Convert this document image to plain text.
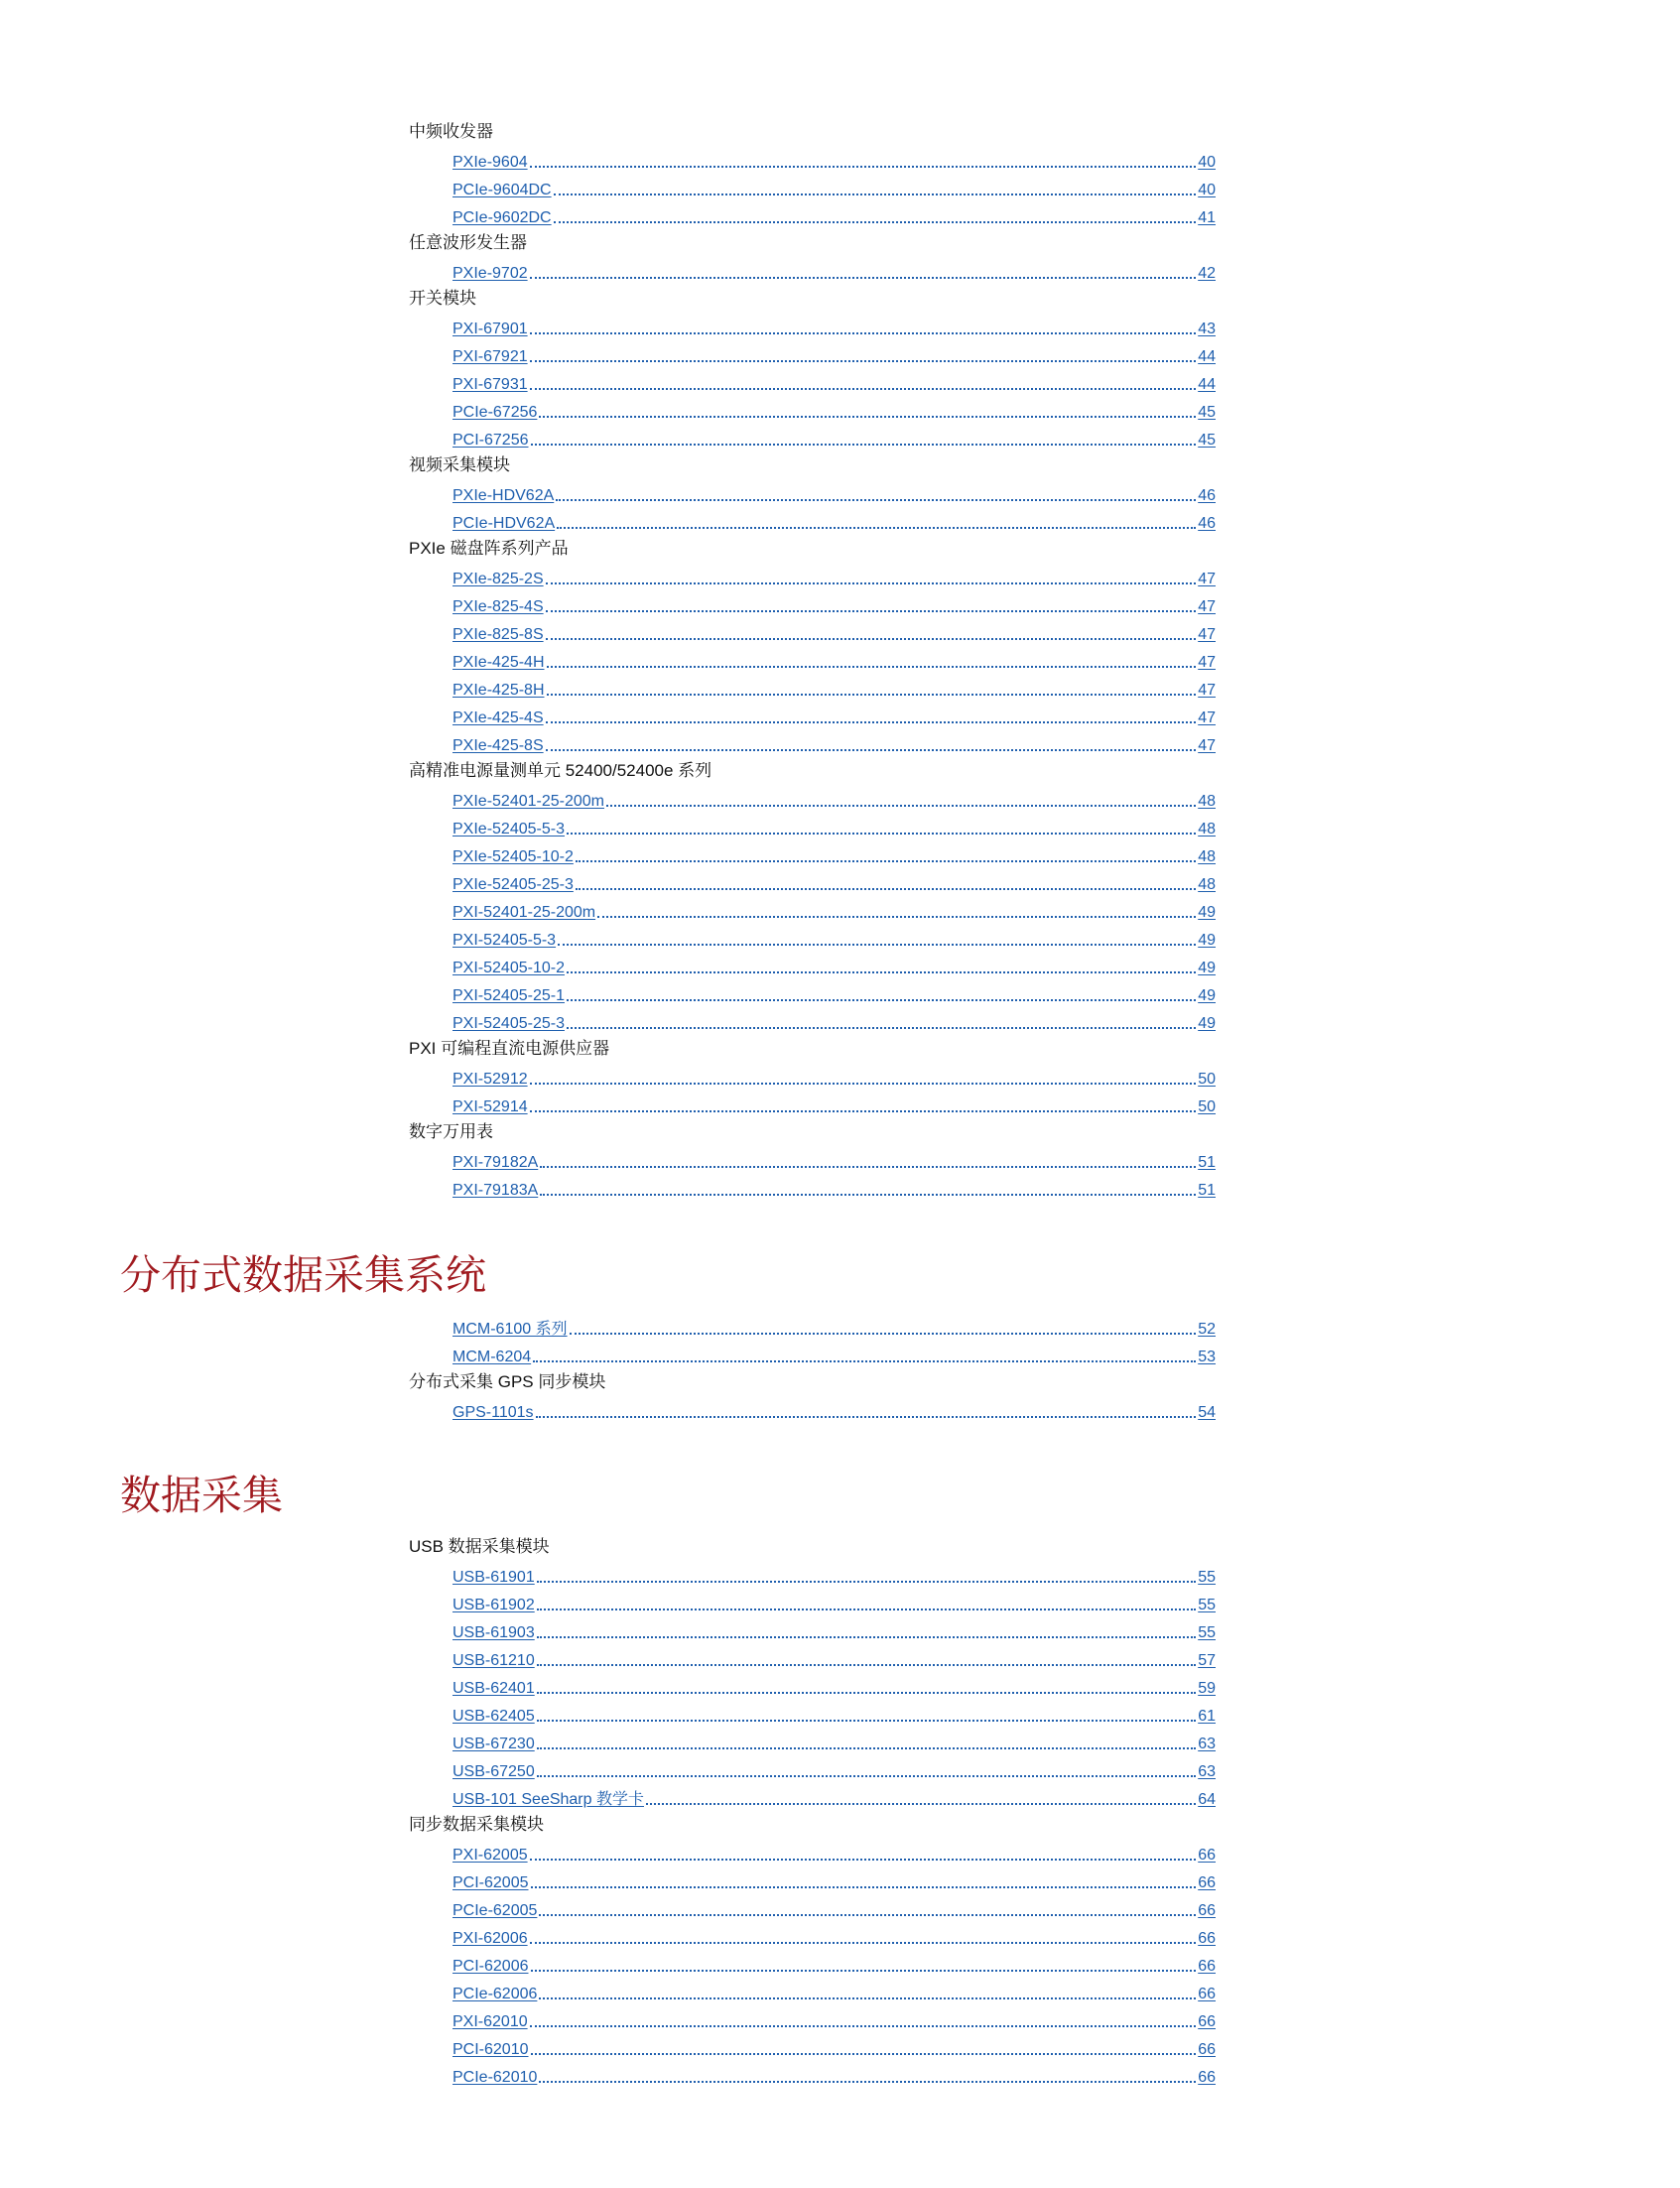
中频收发器
PXIe-9604	40
PCIe-9604DC	40
PCIe-9602DC	41
任意波形发生器
PXIe-9702	42
开关模块
PXI-67901	43
PXI-67921	44
PXI-67931	44
PCIe-67256	45
PCI-67256	45
视频采集模块
PXIe-HDV62A	46
PCIe-HDV62A	46
PXIe 磁盘阵系列产品
PXIe-825-2S	47
PXIe-825-4S	47
PXIe-825-8S	47
PXIe-425-4H	47
PXIe-425-8H	47
PXIe-425-4S	47
PXIe-425-8S	47
高精准电源量测单元 52400/52400e 系列
PXIe-52401-25-200m	48
PXIe-52405-5-3	48
PXIe-52405-10-2	48
PXIe-52405-25-3	48
PXI-52401-25-200m	49
PXI-52405-5-3	49
PXI-52405-10-2	49
PXI-52405-25-1	49
PXI-52405-25-3	49
PXI 可编程直流电源供应器
PXI-52912	50
PXI-52914	50
数字万用表
PXI-79182A	51
PXI-79183A	51
分布式数据采集系统
MCM-6100 系列	52
MCM-6204	53
分布式采集 GPS 同步模块
GPS-1101s	54
数据采集
USB 数据采集模块
USB-61901	55
USB-61902	55
USB-61903	55
USB-61210	57
USB-62401	59
USB-62405	61
USB-67230	63
USB-67250	63
USB-101 SeeSharp 教学卡	64
同步数据采集模块
PXI-62005	66
PCI-62005	66
PCIe-62005	66
PXI-62006	66
PCI-62006	66
PCIe-62006	66
PXI-62010	66
PCI-62010	66
PCIe-62010	66
